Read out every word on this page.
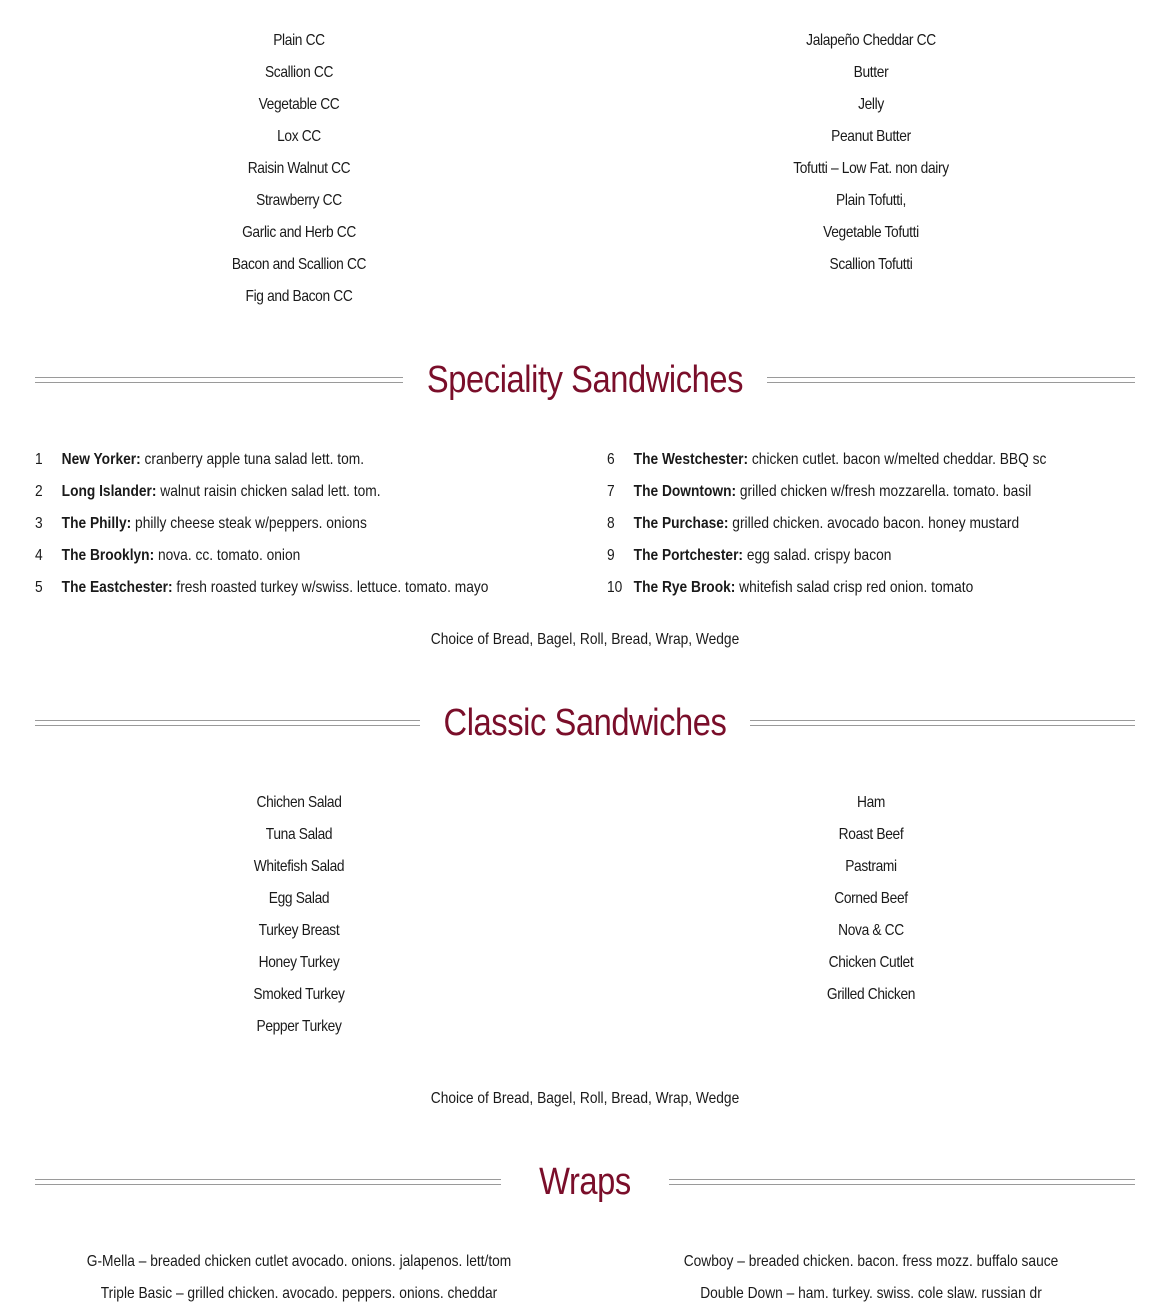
Plain CC
Scallion CC
Vegetable CC
Lox CC
Raisin Walnut CC
Strawberry CC
Garlic and Herb CC
Bacon and Scallion CC
Fig and Bacon CC
Jalapeño Cheddar CC
Butter
Jelly
Peanut Butter
Tofutti – Low Fat. non dairy
Plain Tofutti,
Vegetable Tofutti
Scallion Tofutti
Speciality Sandwiches
1 New Yorker: cranberry apple tuna salad lett. tom.
2 Long Islander: walnut raisin chicken salad lett. tom.
3 The Philly: philly cheese steak w/peppers. onions
4 The Brooklyn: nova. cc. tomato. onion
5 The Eastchester: fresh roasted turkey w/swiss. lettuce. tomato. mayo
6 The Westchester: chicken cutlet. bacon w/melted cheddar. BBQ sc
7 The Downtown: grilled chicken w/fresh mozzarella. tomato. basil
8 The Purchase: grilled chicken. avocado bacon. honey mustard
9 The Portchester: egg salad. crispy bacon
10 The Rye Brook: whitefish salad crisp red onion. tomato
Choice of Bread, Bagel, Roll, Bread, Wrap, Wedge
Classic Sandwiches
Chichen Salad
Tuna Salad
Whitefish Salad
Egg Salad
Turkey Breast
Honey Turkey
Smoked Turkey
Pepper Turkey
Ham
Roast Beef
Pastrami
Corned Beef
Nova & CC
Chicken Cutlet
Grilled Chicken
Choice of Bread, Bagel, Roll, Bread, Wrap, Wedge
Wraps
G-Mella – breaded chicken cutlet avocado. onions. jalapenos. lett/tom
Triple Basic – grilled chicken. avocado. peppers. onions. cheddar
Cowboy – breaded chicken. bacon. fress mozz. buffalo sauce
Double Down – ham. turkey. swiss. cole slaw. russian dr
